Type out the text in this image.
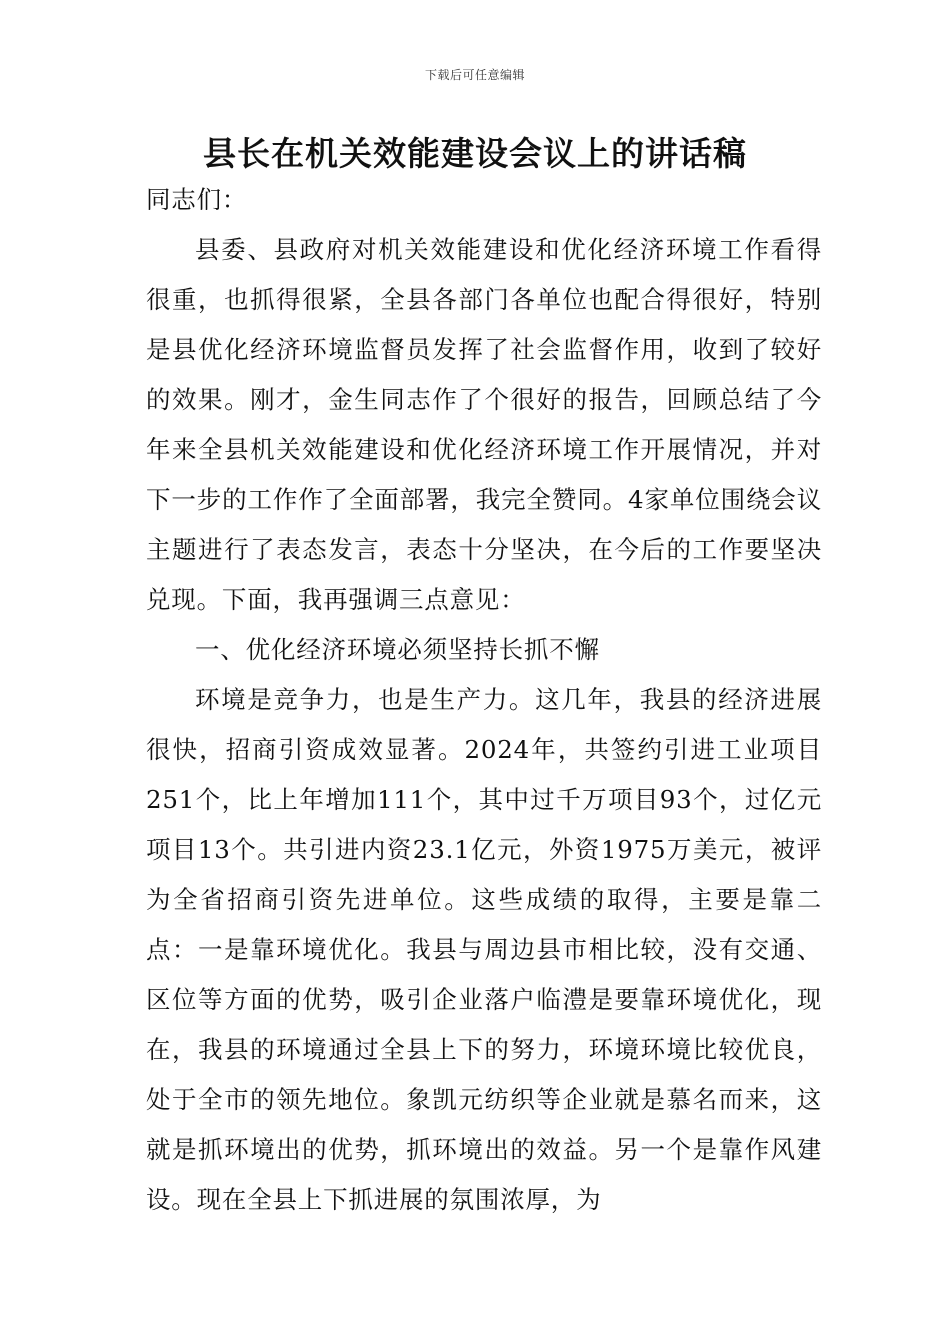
下载后可任意编辑
县长在机关效能建设会议上的讲话稿

同志们：

县委、县政府对机关效能建设和优化经济环境工作看得很重，也抓得很紧，全县各部门各单位也配合得很好，特别是县优化经济环境监督员发挥了社会监督作用，收到了较好的效果。刚才，金生同志作了个很好的报告，回顾总结了今年来全县机关效能建设和优化经济环境工作开展情况，并对下一步的工作作了全面部署，我完全赞同。4家单位围绕会议主题进行了表态发言，表态十分坚决，在今后的工作要坚决兑现。下面，我再强调三点意见：

一、优化经济环境必须坚持长抓不懈

环境是竞争力，也是生产力。这几年，我县的经济进展很快，招商引资成效显著。2024年，共签约引进工业项目251个，比上年增加111个，其中过千万项目93个，过亿元项目13个。共引进内资23.1亿元，外资1975万美元，被评为全省招商引资先进单位。这些成绩的取得，主要是靠二点：一是靠环境优化。我县与周边县市相比较，没有交通、区位等方面的优势，吸引企业落户临澧是要靠环境优化，现在，我县的环境通过全县上下的努力，环境环境比较优良，处于全市的领先地位。象凯元纺织等企业就是慕名而来，这就是抓环境出的优势，抓环境出的效益。另一个是靠作风建设。现在全县上下抓进展的氛围浓厚，为
